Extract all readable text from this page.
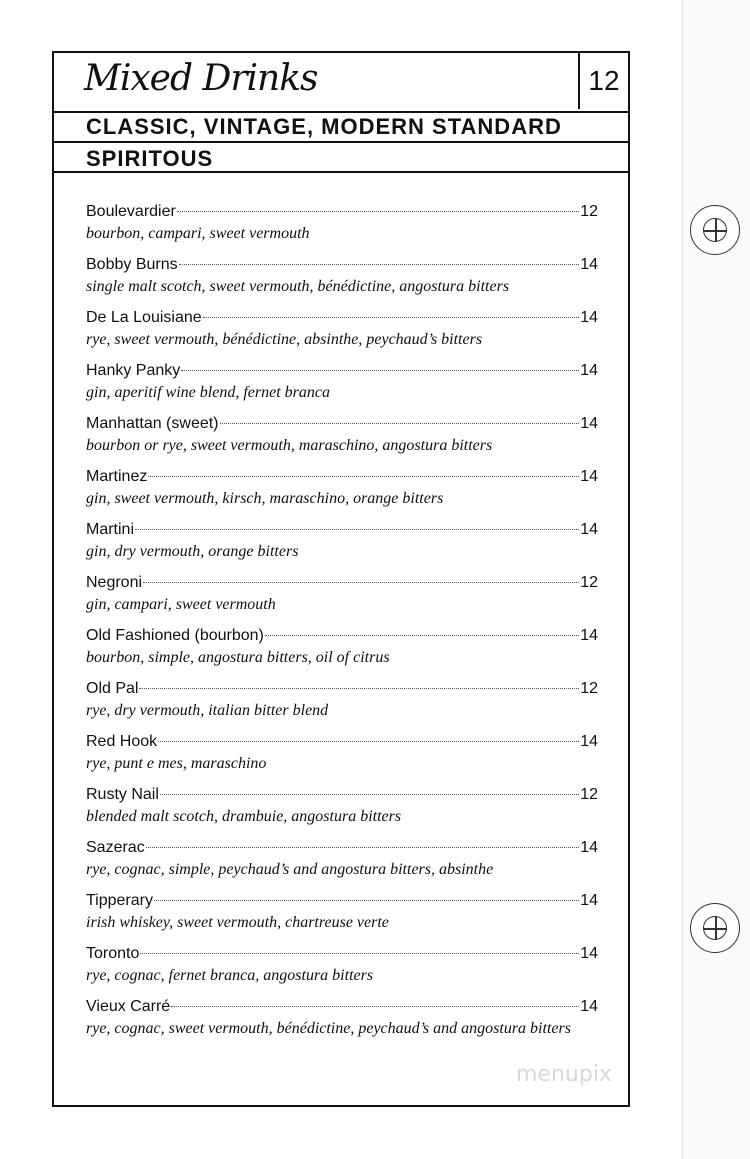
Mixed Drinks	12
CLASSIC, VINTAGE, MODERN STANDARD
SPIRITOUS
Boulevardier	12
bourbon, campari, sweet vermouth
Bobby Burns	14
single malt scotch, sweet vermouth, bénédictine, angostura bitters
De La Louisiane	14
rye, sweet vermouth, bénédictine, absinthe, peychaud’s bitters
Hanky Panky	14
gin, aperitif wine blend, fernet branca
Manhattan (sweet)	14
bourbon or rye, sweet vermouth, maraschino, angostura bitters
Martinez	14
gin, sweet vermouth, kirsch, maraschino, orange bitters
Martini	14
gin, dry vermouth, orange bitters
Negroni	12
gin, campari, sweet vermouth
Old Fashioned (bourbon)	14
bourbon, simple, angostura bitters, oil of citrus
Old Pal	12
rye, dry vermouth, italian bitter blend
Red Hook	14
rye, punt e mes, maraschino
Rusty Nail	12
blended malt scotch, drambuie, angostura bitters
Sazerac	14
rye, cognac, simple, peychaud’s and angostura bitters, absinthe
Tipperary	14
irish whiskey, sweet vermouth, chartreuse verte
Toronto	14
rye, cognac, fernet branca, angostura bitters
Vieux Carré	14
rye, cognac, sweet vermouth, bénédictine, peychaud’s and angostura bitters
menupix
